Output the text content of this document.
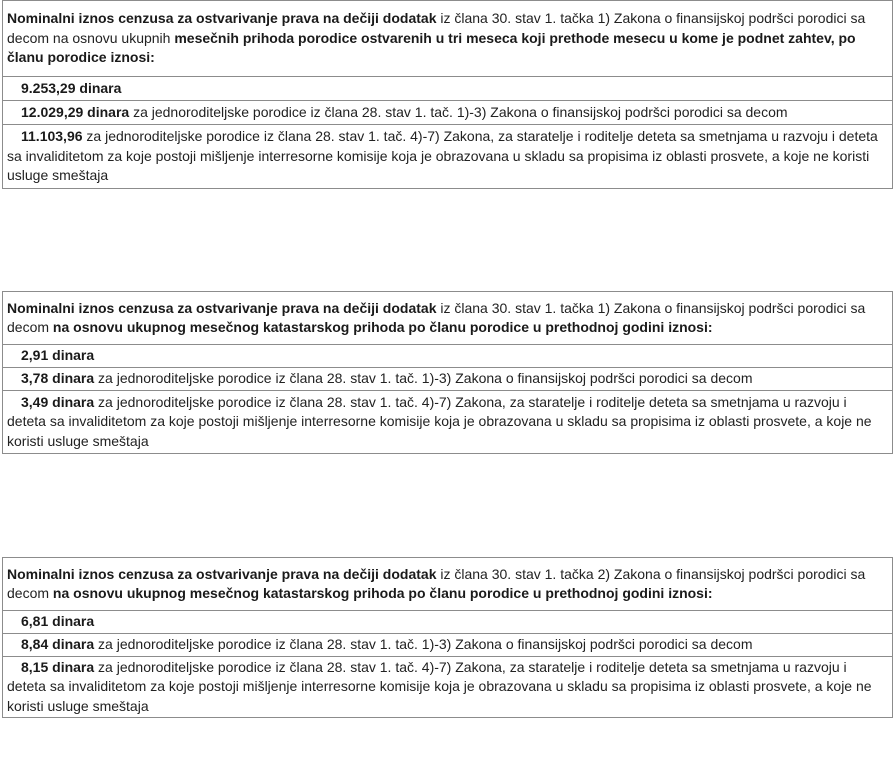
Nominalni iznos cenzusa za ostvarivanje prava na dečiji dodatak iz člana 30. stav 1. tačka 1) Zakona o finansijskoj podršci porodici sa decom na osnovu ukupnih mesečnih prihoda porodice ostvarenih u tri meseca koji prethode mesecu u kome je podnet zahtev, po članu porodice iznosi:
9.253,29 dinara
12.029,29 dinara za jednoroditeljske porodice iz člana 28. stav 1. tač. 1)-3) Zakona o finansijskoj podršci porodici sa decom
11.103,96 za jednoroditeljske porodice iz člana 28. stav 1. tač. 4)-7) Zakona, za staratelje i roditelje deteta sa smetnjama u razvoju i deteta sa invaliditetom za koje postoji mišljenje interresorne komisije koja je obrazovana u skladu sa propisima iz oblasti prosvete, a koje ne koristi usluge smeštaja
Nominalni iznos cenzusa za ostvarivanje prava na dečiji dodatak iz člana 30. stav 1. tačka 1) Zakona o finansijskoj podršci porodici sa decom na osnovu ukupnog mesečnog katastarskog prihoda po članu porodice u prethodnoj godini iznosi:
2,91 dinara
3,78 dinara za jednoroditeljske porodice iz člana 28. stav 1. tač. 1)-3) Zakona o finansijskoj podršci porodici sa decom
3,49 dinara za jednoroditeljske porodice iz člana 28. stav 1. tač. 4)-7) Zakona, za staratelje i roditelje deteta sa smetnjama u razvoju i deteta sa invaliditetom za koje postoji mišljenje interresorne komisije koja je obrazovana u skladu sa propisima iz oblasti prosvete, a koje ne koristi usluge smeštaja
Nominalni iznos cenzusa za ostvarivanje prava na dečiji dodatak iz člana 30. stav 1. tačka 2) Zakona o finansijskoj podršci porodici sa decom na osnovu ukupnog mesečnog katastarskog prihoda po članu porodice u prethodnoj godini iznosi:
6,81 dinara
8,84 dinara za jednoroditeljske porodice iz člana 28. stav 1. tač. 1)-3) Zakona o finansijskoj podršci porodici sa decom
8,15 dinara za jednoroditeljske porodice iz člana 28. stav 1. tač. 4)-7) Zakona, za staratelje i roditelje deteta sa smetnjama u razvoju i deteta sa invaliditetom za koje postoji mišljenje interresorne komisije koja je obrazovana u skladu sa propisima iz oblasti prosvete, a koje ne koristi usluge smeštaja
